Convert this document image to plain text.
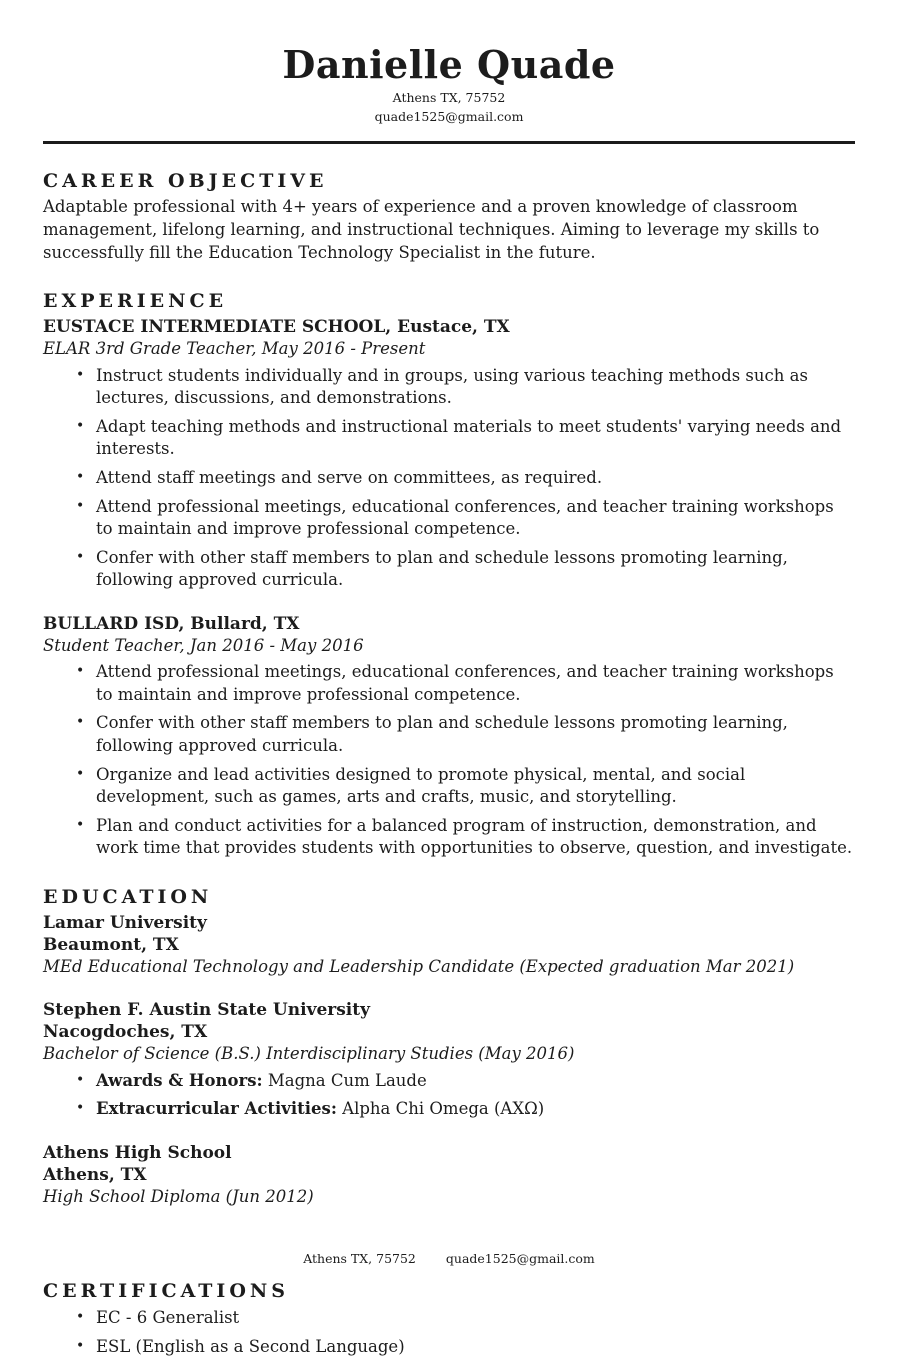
Danielle Quade
Athens TX, 75752
quade1525@gmail.com
CAREER OBJECTIVE

Adaptable professional with 4+ years of experience and a proven knowledge of classroom management, lifelong learning, and instructional techniques. Aiming to leverage my skills to successfully fill the Education Technology Specialist in the future.

EXPERIENCE
EUSTACE INTERMEDIATE SCHOOL, Eustace, TX
ELAR 3rd Grade Teacher, May 2016 - Present
• Instruct students individually and in groups, using various teaching methods such as lectures, discussions, and demonstrations.
• Adapt teaching methods and instructional materials to meet students' varying needs and interests.
• Attend staff meetings and serve on committees, as required.
• Attend professional meetings, educational conferences, and teacher training workshops to maintain and improve professional competence.
• Confer with other staff members to plan and schedule lessons promoting learning, following approved curricula.
BULLARD ISD, Bullard, TX
Student Teacher, Jan 2016 - May 2016
• Attend professional meetings, educational conferences, and teacher training workshops to maintain and improve professional competence.
• Confer with other staff members to plan and schedule lessons promoting learning, following approved curricula.
• Organize and lead activities designed to promote physical, mental, and social development, such as games, arts and crafts, music, and storytelling.
• Plan and conduct activities for a balanced program of instruction, demonstration, and work time that provides students with opportunities to observe, question, and investigate.
EDUCATION
Lamar University
Beaumont, TX
MEd Educational Technology and Leadership Candidate (Expected graduation Mar 2021)
Stephen F. Austin State University
Nacogdoches, TX
Bachelor of Science (B.S.) Interdisciplinary Studies (May 2016)
• Awards & Honors: Magna Cum Laude
• Extracurricular Activities: Alpha Chi Omega (ΑΧΩ)
Athens High School
Athens, TX
High School Diploma (Jun 2012)
CERTIFICATIONS
• EC - 6 Generalist
• ESL (English as a Second Language)
Athens TX, 75752 quade1525@gmail.com
